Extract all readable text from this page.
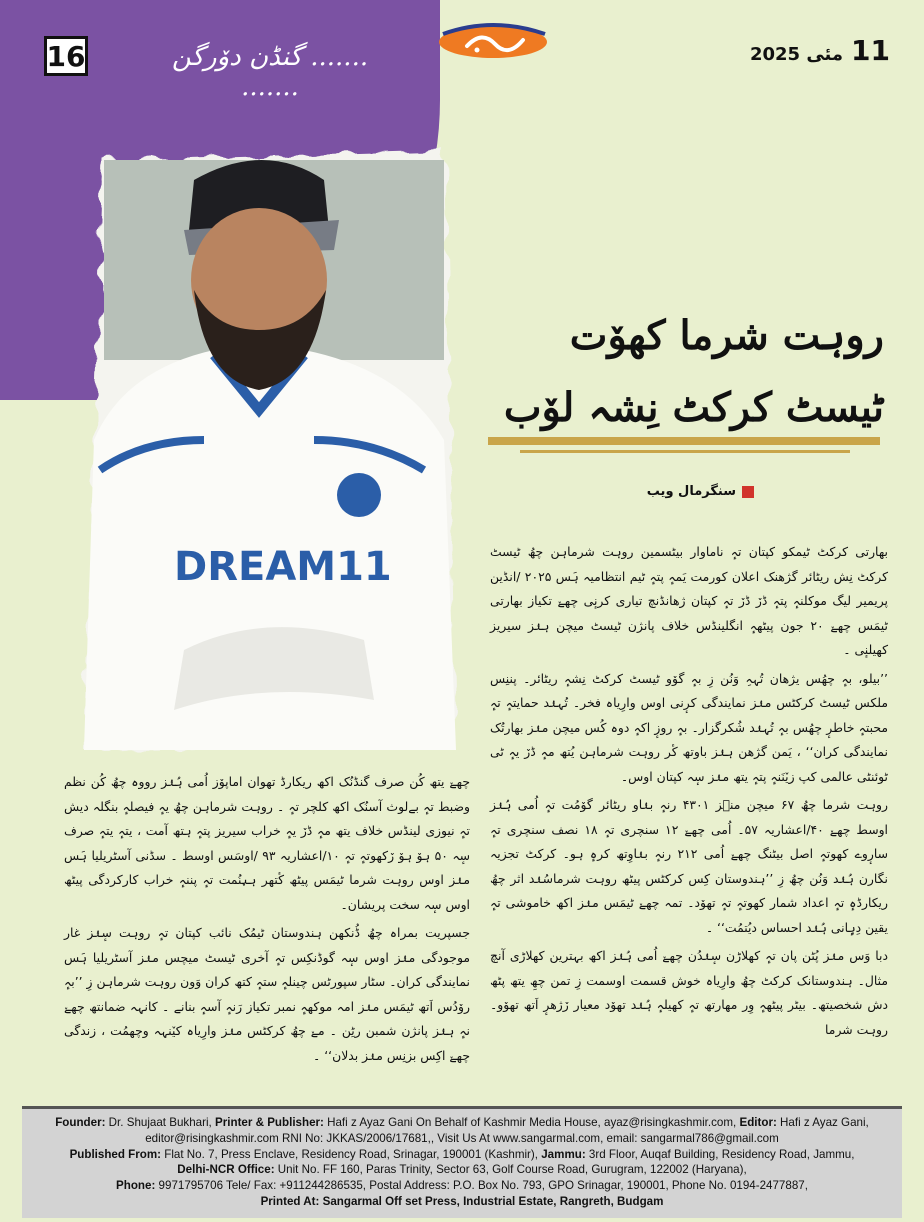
16	....... گنڈن دۆرگن .......
11
مئی 2025
DREAM11
روہت شرما کھوٚت
ٹیسٹ کرکٹ نِشہ لوٚب
سنگرمال ویب

بھارتی کرکٹ ٹیمکو کپتان تہٕ ناماوار بیٹسمین روہت شرماہن چھُ ٹیسٹ کرکٹ نِش ریٹائر گژھنک اعلان کورمت یَمہٕ پتہٕ ٹیم انتظامیہ ہَس ۲۰۲۵ /انڈین پریمیر لیگ موکلنہٕ پتہٕ ڈرٚ ڈرٚ تہٕ کپتان ژھانڈنچ تیاری کرنٕی چھےٚ تکیاز بھارتی ٹیمَس چھےٚ ۲۰ جون پیٹھہٕ انگلینڈس خلاف پانژن ٹیسٹ میچن ہنٛز سیریز کھیلنٕی ۔

’’بیلو، بہٕ چھُس یژھان تُہہِ وَنُن زِ بہٕ گوٚو ٹیسٹ کرکٹ نِشہٕ ریٹائر۔ پننِس ملکس ٹیسٹ کرکٹس منٛز نمایندگی کرٕنی اوس وارِیاہ فخر۔ تُہنٛد حمایتہٕ تہٕ محبتہٕ خاطرٕ چھُس بہٕ تُہنٛد شُکرگزار۔ بہٕ روزٕ اکہٕ دوہ کُس میچن منٛز بھارتُک نمایندگی کران‘‘ ، یَمن گژھن ہنٛز باوتھ کٔر روہت شرماہن یُتھ مہٕ ڈرٚ یہٕ ٹی ٹوئنٹی عالمی کپ زیٚنَنہٕ پتہٕ یتھ منٛز سٕہ کپتان اوس۔

روہت شرما چھُ ۶۷ میچن منٛز ۴۳۰۱ رنہٕ بنٛاو ریٹائر گوٚمُت تہٕ اُمی ہُنٛز اوسط چھےٚ ۴۰/اعشاریہ ۵۷۔ اُمی چھےٚ ۱۲ سنچری تہٕ ۱۸ نصف سنچری تہٕ سارٕوے کھوتہٕ اصل بیٹنگ چھےٚ اُمی ۲۱۲ رنہٕ بنٛاوِتھ کرہٕ ہو۔ کرکٹ تجزیہ نگارن ہُنٛد وَنُن چھُ زِ ’’ہندوستان کِس کرکٹس پیٹھ روہت شرماسُنٛد اثر چھُ ریکارڈہٕ تہٕ اعداد شمار کھوتہٕ تہٕ تھوٚد۔ تمہ چھےٚ ٹیمَس منٛز اکھ خاموشی تہٕ یقین دِہٕانی ہُنٛد احساس دیُتمُت‘‘ ۔

دبا وَس منٛز پُٹن پان تہٕ کھلاڑن سٕنٛدُن چھےٚ اُمی ہُنٛز اکھ بہترین کھلاڑی آنچ مثال۔ ہندوستانک کرکٹ چھُ وارِیاہ خوش قسمت اوسمت زِ تمن چھِ یتھ پٹھ دش شخصیتھ۔ بیٹر پیٹھہٕ وِر مھارتھ تہٕ کھیلہٕ ہُنٛد تھوٚد معیار رٚژھرٕ اَتھ تھوٚو۔ روہت شرما

چھےٚ یتھ کُن صرف گنڈنُک اکھ ریکارڈ تھوان اماپوٚز اُمی ہُنٛز رووہ چھُ کُن نظم وضبط تہٕ بےلوث آسنُک اکھ کلچر تہٕ ۔ روہت شرماہن چھُ یہٕ فیصلہٕ بنگلہ دیش تہٕ نیوزی لینڈس خلاف یتھ مہٕ ڈرٚ یہٕ خراب سیریز پتہٕ ہتھ آمت ، یتہٕ یتہٕ صرف سٕہ ۵۰ ہوٚ ہوٚ رٚکھوتہٕ تہٕ ۱۰/اعشاریہ ۹۳ /اوسَس اوسط ۔ سڈنی آسٹریلیا ہَس منٛز اوس روہت شرما ٹیمَس پیٹھ کٔتھر ہؠنُمت تہٕ پننہٕ خراب کارکردگی پیٹھ اوس سٕہ سخت پریشان۔

جسپریت بمراہ چھُ ڈُنکھن ہندوستان ٹیمُک نائب کپتان تہٕ روہت سٕنٛز غار موجودگی منٛز اوس سٕہ گوڈنکِس تہٕ آخری ٹیسٹ میچس منٛز آسٹریلیا ہَس نمایندگی کران۔ سٹار سپورٹس چینلہٕ ستہٕ کتھ کران وَون روہت شرماہن زِ ’’بہٕ روٚدُس اَتھ ٹیمَس منٛز امہ موکھہٕ نمبر تکیاز رَنہٕ آسہٕ بنانے ۔ کانہہ ضمانتھ چھےٚ نہٕ ہنٛز پانژن شمبن رٹِن ۔ مےٚ چھُ کرکٹس منٛز وارِیاہ کیٚنہہ وچھمُت ، زندگی چھےٚ اکِس بزنِس منٛز بدلان‘‘ ۔

Founder: Dr. Shujaat Bukhari, Printer & Publisher: Hafi z Ayaz Gani On Behalf of Kashmir Media House, ayaz@risingkashmir.com, Editor: Hafi z Ayaz Gani,
editor@risingkashmir.com RNI No: JKKAS/2006/17681,, Visit Us At www.sangarmal.com, email: sangarmal786@gmail.com
Published From: Flat No. 7, Press Enclave, Residency Road, Srinagar, 190001 (Kashmir), Jammu: 3rd Floor, Auqaf Building, Residency Road, Jammu,
Delhi-NCR Office: Unit No. FF 160, Paras Trinity, Sector 63, Golf Course Road, Gurugram, 122002 (Haryana),
Phone: 9971795706 Tele/ Fax: +911244286535, Postal Address: P.O. Box No. 793, GPO Srinagar, 190001, Phone No. 0194-2477887,
Printed At: Sangarmal Off set Press, Industrial Estate, Rangreth, Budgam
